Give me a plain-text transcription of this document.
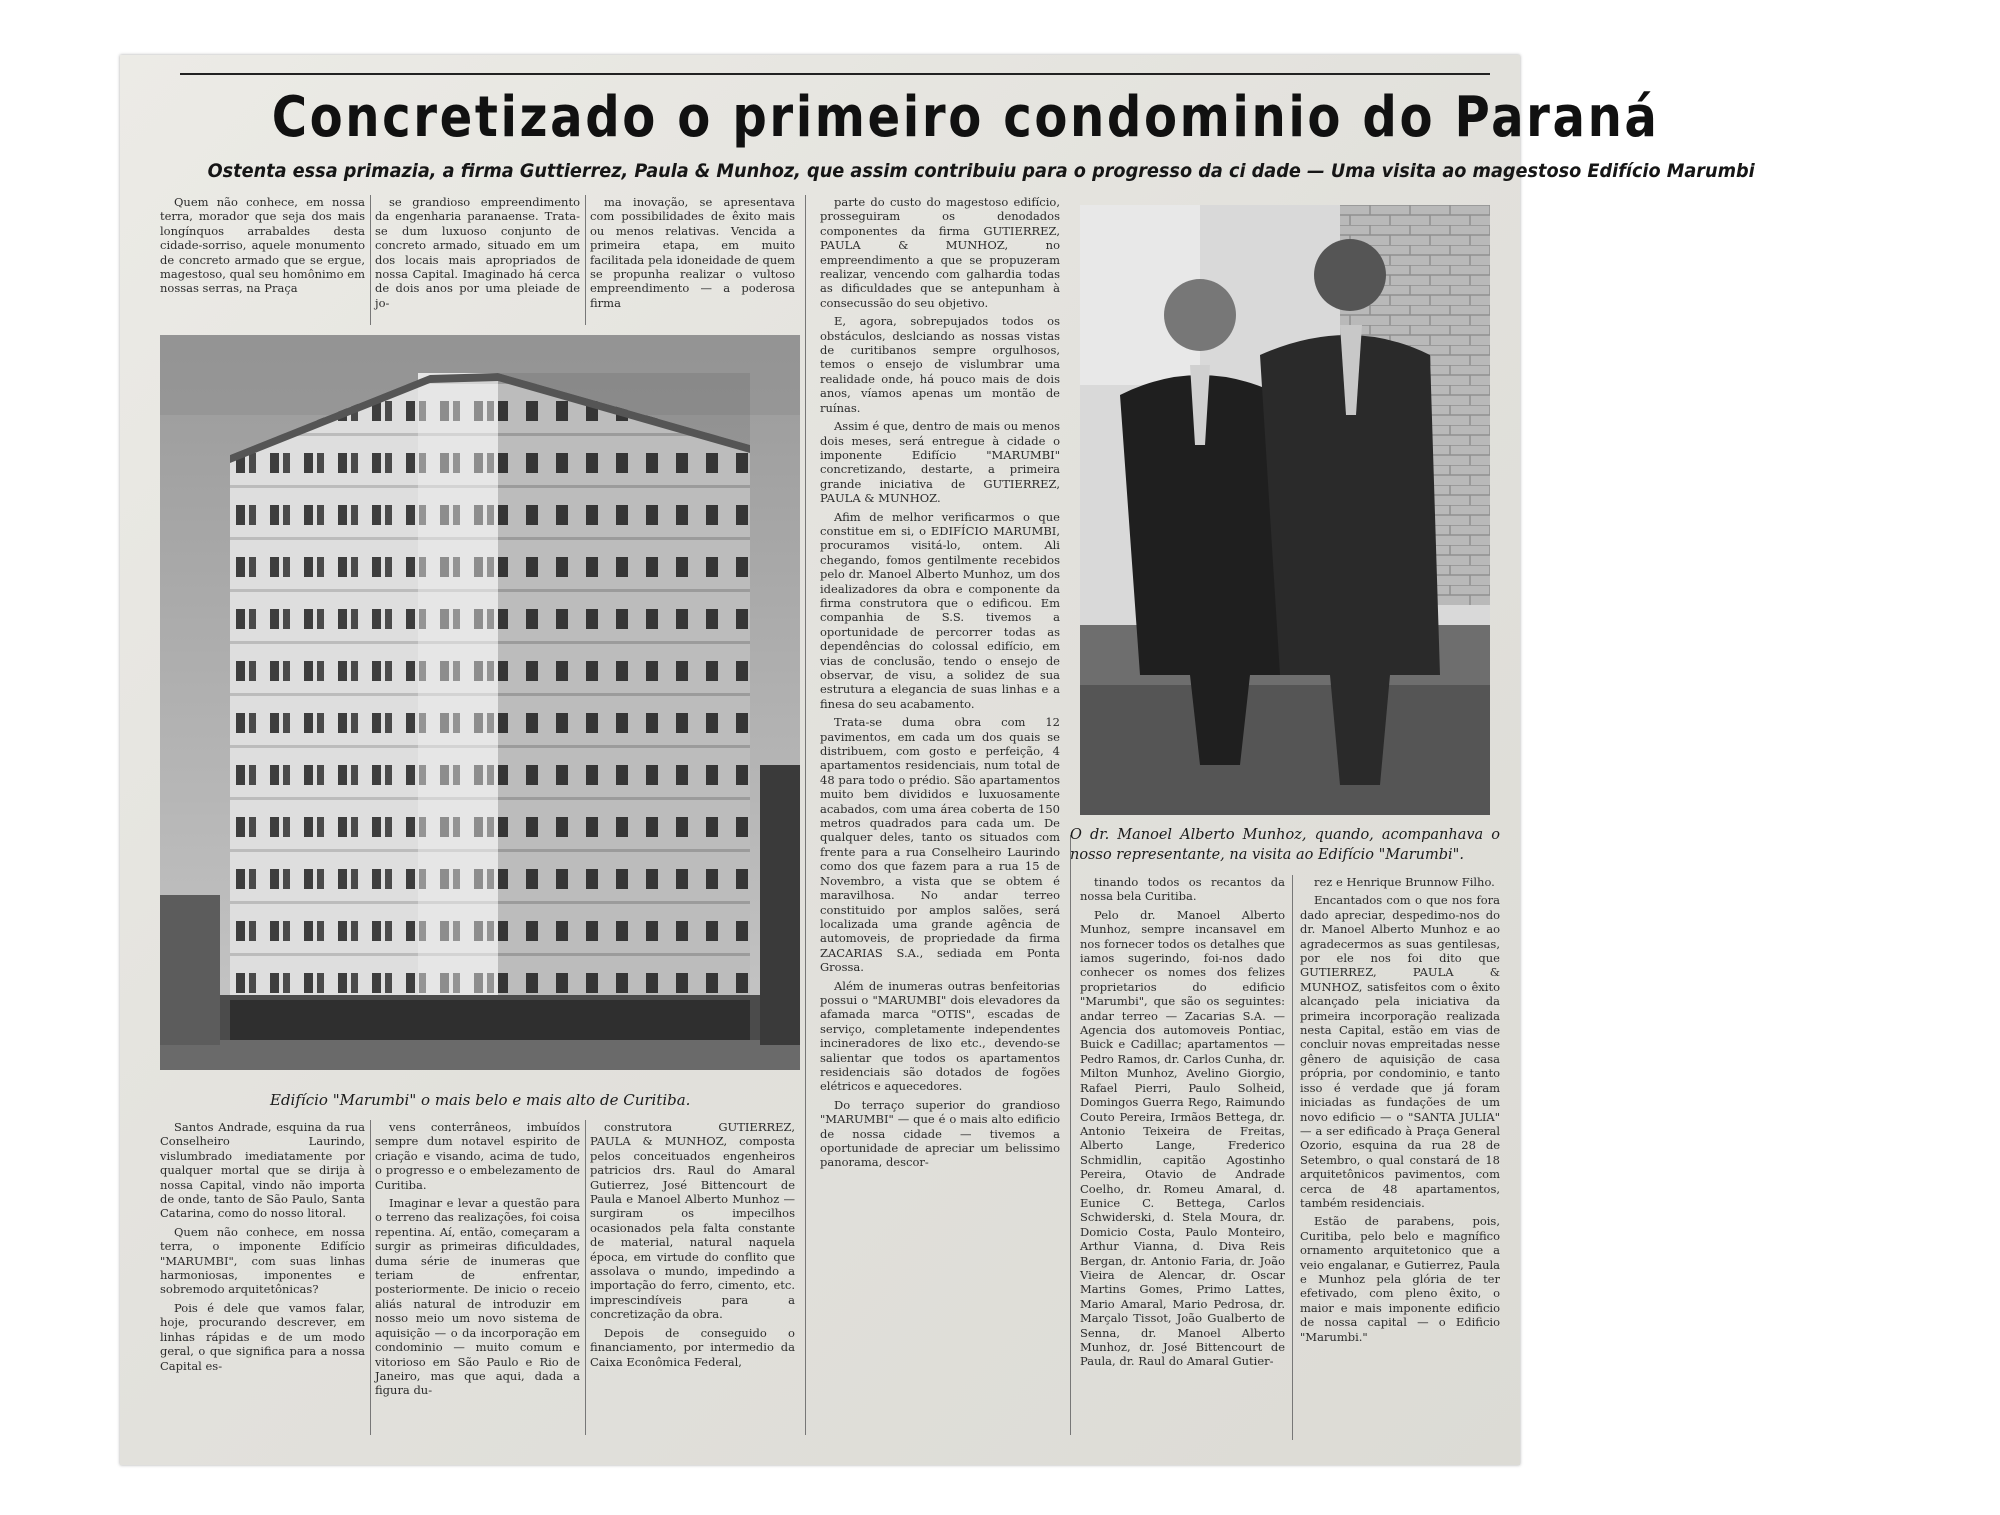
Concretizado o primeiro condominio do Paraná
Ostenta essa primazia, a firma Guttierrez, Paula & Munhoz, que assim contribuiu para o progresso da ci dade — Uma visita ao magestoso Edifício Marumbi

Quem não conhece, em nossa terra, morador que seja dos mais longínquos arrabaldes desta cidade-sorriso, aquele monumento de concreto armado que se ergue, magestoso, qual seu homônimo em nossas serras, na Praça

se grandioso empreendimento da engenharia paranaense. Trata-se dum luxuoso conjunto de concreto armado, situado em um dos locais mais apropriados de nossa Capital. Imaginado há cerca de dois anos por uma pleiade de jo-

ma inovação, se apresentava com possibilidades de êxito mais ou menos relativas. Vencida a primeira etapa, em muito facilitada pela idoneidade de quem se propunha realizar o vultoso empreendimento — a poderosa firma

Edifício "Marumbi" o mais belo e mais alto de Curitiba.

parte do custo do magestoso edifício, prosseguiram os denodados componentes da firma GUTIERREZ, PAULA & MUNHOZ, no empreendimento a que se propuzeram realizar, vencendo com galhardia todas as dificuldades que se antepunham à consecussão do seu objetivo.

E, agora, sobrepujados todos os obstáculos, deslciando as nossas vistas de curitibanos sempre orgulhosos, temos o ensejo de vislumbrar uma realidade onde, há pouco mais de dois anos, víamos apenas um montão de ruínas.

Assim é que, dentro de mais ou menos dois meses, será entregue à cidade o imponente Edifício "MARUMBI" concretizando, destarte, a primeira grande iniciativa de GUTIERREZ, PAULA & MUNHOZ.

Afim de melhor verificarmos o que constitue em si, o EDIFÍCIO MARUMBI, procuramos visitá-lo, ontem. Ali chegando, fomos gentilmente recebidos pelo dr. Manoel Alberto Munhoz, um dos idealizadores da obra e componente da firma construtora que o edificou. Em companhia de S.S. tivemos a oportunidade de percorrer todas as dependências do colossal edifício, em vias de conclusão, tendo o ensejo de observar, de visu, a solidez de sua estrutura a elegancia de suas linhas e a finesa do seu acabamento.

Trata-se duma obra com 12 pavimentos, em cada um dos quais se distribuem, com gosto e perfeição, 4 apartamentos residenciais, num total de 48 para todo o prédio. São apartamentos muito bem divididos e luxuosamente acabados, com uma área coberta de 150 metros quadrados para cada um. De qualquer deles, tanto os situados com frente para a rua Conselheiro Laurindo como dos que fazem para a rua 15 de Novembro, a vista que se obtem é maravilhosa. No andar terreo constituido por amplos salões, será localizada uma grande agência de automoveis, de propriedade da firma ZACARIAS S.A., sediada em Ponta Grossa.

Além de inumeras outras benfeitorias possui o "MARUMBI" dois elevadores da afamada marca "OTIS", escadas de serviço, completamente independentes incineradores de lixo etc., devendo-se salientar que todos os apartamentos residenciais são dotados de fogões elétricos e aquecedores.

Do terraço superior do grandioso "MARUMBI" — que é o mais alto edificio de nossa cidade — tivemos a oportunidade de apreciar um belissimo panorama, descor-

O dr. Manoel Alberto Munhoz, quando, acompanhava o nosso representante, na visita ao Edifício "Marumbi".

Santos Andrade, esquina da rua Conselheiro Laurindo, vislumbrado imediatamente por qualquer mortal que se dirija à nossa Capital, vindo não importa de onde, tanto de São Paulo, Santa Catarina, como do nosso litoral.

Quem não conhece, em nossa terra, o imponente Edifício "MARUMBI", com suas linhas harmoniosas, imponentes e sobremodo arquitetônicas?

Pois é dele que vamos falar, hoje, procurando descrever, em linhas rápidas e de um modo geral, o que significa para a nossa Capital es-

vens conterrâneos, imbuídos sempre dum notavel espirito de criação e visando, acima de tudo, o progresso e o embelezamento de Curitiba.

Imaginar e levar a questão para o terreno das realizações, foi coisa repentina. Aí, então, começaram a surgir as primeiras dificuldades, duma série de inumeras que teriam de enfrentar, posteriormente. De inicio o receio aliás natural de introduzir em nosso meio um novo sistema de aquisição — o da incorporação em condominio — muito comum e vitorioso em São Paulo e Rio de Janeiro, mas que aqui, dada a figura du-

construtora GUTIERREZ, PAULA & MUNHOZ, composta pelos conceituados engenheiros patricios drs. Raul do Amaral Gutierrez, José Bittencourt de Paula e Manoel Alberto Munhoz — surgiram os impecilhos ocasionados pela falta constante de material, natural naquela época, em virtude do conflito que assolava o mundo, impedindo a importação do ferro, cimento, etc. imprescindíveis para a concretização da obra.

Depois de conseguido o financiamento, por intermedio da Caixa Econômica Federal,

tinando todos os recantos da nossa bela Curitiba.

Pelo dr. Manoel Alberto Munhoz, sempre incansavel em nos fornecer todos os detalhes que iamos sugerindo, foi-nos dado conhecer os nomes dos felizes proprietarios do edificio "Marumbi", que são os seguintes: andar terreo — Zacarias S.A. — Agencia dos automoveis Pontiac, Buick e Cadillac; apartamentos — Pedro Ramos, dr. Carlos Cunha, dr. Milton Munhoz, Avelino Giorgio, Rafael Pierri, Paulo Solheid, Domingos Guerra Rego, Raimundo Couto Pereira, Irmãos Bettega, dr. Antonio Teixeira de Freitas, Alberto Lange, Frederico Schmidlin, capitão Agostinho Pereira, Otavio de Andrade Coelho, dr. Romeu Amaral, d. Eunice C. Bettega, Carlos Schwiderski, d. Stela Moura, dr. Domicio Costa, Paulo Monteiro, Arthur Vianna, d. Diva Reis Bergan, dr. Antonio Faria, dr. João Vieira de Alencar, dr. Oscar Martins Gomes, Primo Lattes, Mario Amaral, Mario Pedrosa, dr. Marçalo Tissot, João Gualberto de Senna, dr. Manoel Alberto Munhoz, dr. José Bittencourt de Paula, dr. Raul do Amaral Gutier-

rez e Henrique Brunnow Filho.

Encantados com o que nos fora dado apreciar, despedimo-nos do dr. Manoel Alberto Munhoz e ao agradecermos as suas gentilesas, por ele nos foi dito que GUTIERREZ, PAULA & MUNHOZ, satisfeitos com o êxito alcançado pela iniciativa da primeira incorporação realizada nesta Capital, estão em vias de concluir novas empreitadas nesse gênero de aquisição de casa própria, por condominio, e tanto isso é verdade que já foram iniciadas as fundações de um novo edificio — o "SANTA JULIA" — a ser edificado à Praça General Ozorio, esquina da rua 28 de Setembro, o qual constará de 18 arquitetônicos pavimentos, com cerca de 48 apartamentos, também residenciais.

Estão de parabens, pois, Curitiba, pelo belo e magnífico ornamento arquitetonico que a veio engalanar, e Gutierrez, Paula e Munhoz pela glória de ter efetivado, com pleno êxito, o maior e mais imponente edificio de nossa capital — o Edificio "Marumbi."
